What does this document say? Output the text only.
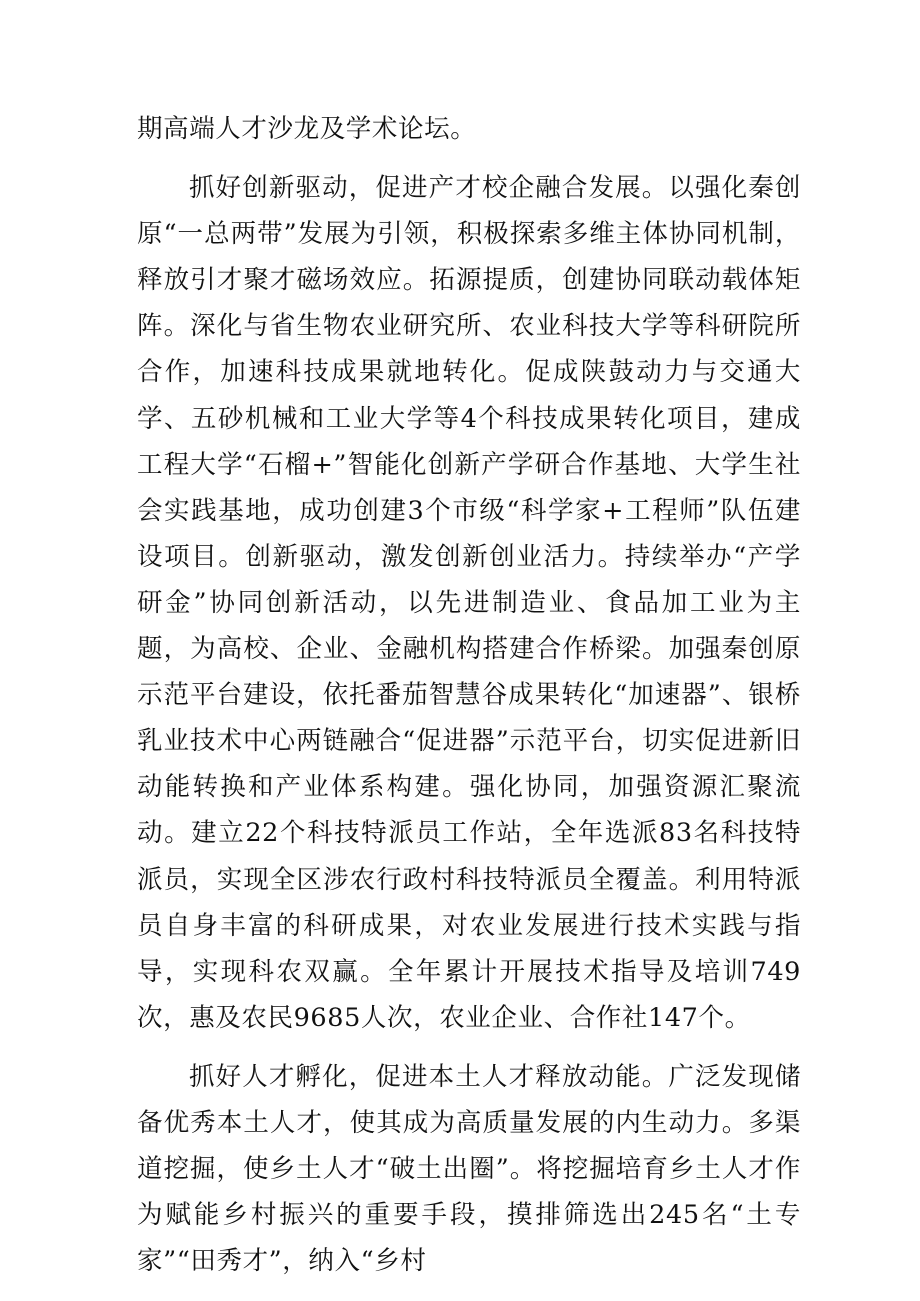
期高端人才沙龙及学术论坛。

抓好创新驱动，促进产才校企融合发展。以强化秦创原“一总两带”发展为引领，积极探索多维主体协同机制，释放引才聚才磁场效应。拓源提质，创建协同联动载体矩阵。深化与省生物农业研究所、农业科技大学等科研院所合作，加速科技成果就地转化。促成陕鼓动力与交通大学、五砂机械和工业大学等4个科技成果转化项目，建成工程大学“石榴+”智能化创新产学研合作基地、大学生社会实践基地，成功创建3个市级“科学家+工程师”队伍建设项目。创新驱动，激发创新创业活力。持续举办“产学研金”协同创新活动，以先进制造业、食品加工业为主题，为高校、企业、金融机构搭建合作桥梁。加强秦创原示范平台建设，依托番茄智慧谷成果转化“加速器”、银桥乳业技术中心两链融合“促进器”示范平台，切实促进新旧动能转换和产业体系构建。强化协同，加强资源汇聚流动。建立22个科技特派员工作站，全年选派83名科技特派员，实现全区涉农行政村科技特派员全覆盖。利用特派员自身丰富的科研成果，对农业发展进行技术实践与指导，实现科农双赢。全年累计开展技术指导及培训749次，惠及农民9685人次，农业企业、合作社147个。

抓好人才孵化，促进本土人才释放动能。广泛发现储备优秀本土人才，使其成为高质量发展的内生动力。多渠道挖掘，使乡土人才“破土出圈”。将挖掘培育乡土人才作为赋能乡村振兴的重要手段，摸排筛选出245名“土专家”“田秀才”，纳入“乡村
